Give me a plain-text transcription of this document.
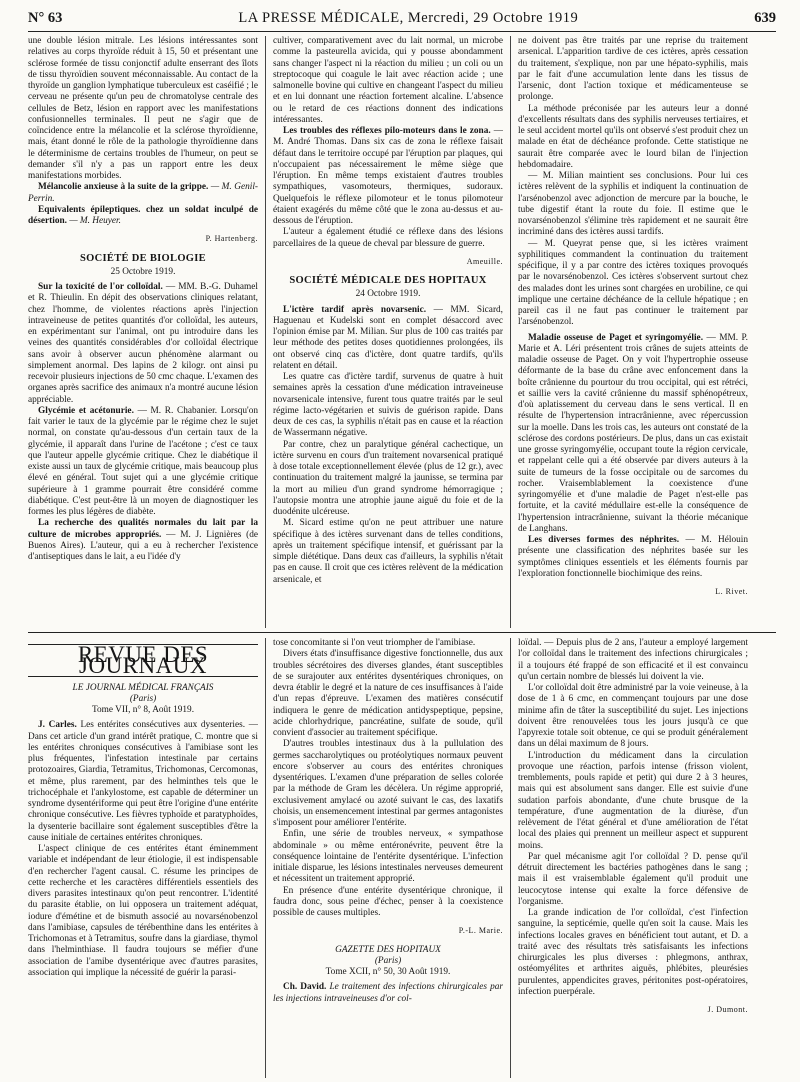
N° 63	LA PRESSE MÉDICALE, Mercredi, 29 Octobre 1919	639

une double lésion mitrale. Les lésions intéressantes sont relatives au corps thyroïde réduit à 15, 50 et présentant une sclérose formée de tissu conjonctif adulte enserrant des îlots de tissu thyroïdien souvent méconnaissable. Au contact de la thyroïde un ganglion lymphatique tuberculeux est caséifié ; le cerveau ne présente qu'un peu de chromatolyse centrale des cellules de Betz, lésion en rapport avec les manifestations confusionnelles terminales. Il peut ne s'agir que de coïncidence entre la mélancolie et la sclérose thyroïdienne, mais, étant donné le rôle de la pathologie thyroïdienne dans le déterminisme de certains troubles de l'humeur, on peut se demander s'il n'y a pas un rapport entre les deux manifestations morbides.

Mélancolie anxieuse à la suite de la grippe. — M. Genil-Perrin.

Equivalents épileptiques. chez un soldat inculpé de désertion. — M. Heuyer.

P. Hartenberg.

SOCIÉTÉ DE BIOLOGIE
25 Octobre 1919.

Sur la toxicité de l'or colloïdal. — MM. B.-G. Duhamel et R. Thieulin. En dépit des observations cliniques relatant, chez l'homme, de violentes réactions après l'injection intraveineuse de petites quantités d'or colloïdal, les auteurs, en expérimentant sur l'animal, ont pu introduire dans les veines des quantités considérables d'or colloïdal électrique sans avoir à observer aucun phénomène alarmant ou simplement anormal. Des lapins de 2 kilogr. ont ainsi pu recevoir plusieurs injections de 50 cmc chaque. L'examen des organes après sacrifice des animaux n'a montré aucune lésion appréciable.

Glycémie et acétonurie. — M. R. Chabanier. Lorsqu'on fait varier le taux de la glycémie par le régime chez le sujet normal, on constate qu'au-dessous d'un certain taux de la glycémie, il apparaît dans l'urine de l'acétone ; c'est ce taux que l'auteur appelle glycémie critique. Chez le diabétique il existe aussi un taux de glycémie critique, mais beaucoup plus élevé en général. Tout sujet qui a une glycémie critique supérieure à 1 gramme pourrait être considéré comme diabétique. C'est peut-être là un moyen de diagnostiquer les formes les plus légères de diabète.

La recherche des qualités normales du lait par la culture de microbes appropriés. — M. J. Lignières (de Buenos Aires). L'auteur, qui a eu à rechercher l'existence d'antiseptiques dans le lait, a eu l'idée d'y

cultiver, comparativement avec du lait normal, un microbe comme la pasteurella avicida, qui y pousse abondamment sans changer l'aspect ni la réaction du milieu ; un coli ou un streptocoque qui coagule le lait avec réaction acide ; une salmonelle bovine qui cultive en changeant l'aspect du milieu et en lui donnant une réaction fortement alcaline. L'absence ou le retard de ces réactions donnent des indications intéressantes.

Les troubles des réflexes pilo-moteurs dans le zona. — M. André Thomas. Dans six cas de zona le réflexe faisait défaut dans le territoire occupé par l'éruption par plaques, qui n'occupaient pas nécessairement le même siège que l'éruption. En même temps existaient d'autres troubles sympathiques, vasomoteurs, thermiques, sudoraux. Quelquefois le réflexe pilomoteur et le tonus pilomoteur étaient exagérés du même côté que le zona au-dessus et au-dessous de l'éruption.

L'auteur a également étudié ce réflexe dans des lésions parcellaires de la queue de cheval par blessure de guerre.

Ameuille.

SOCIÉTÉ MÉDICALE DES HOPITAUX
24 Octobre 1919.

L'ictère tardif après novarsenic. — MM. Sicard, Haguenau et Kudelski sont en complet désaccord avec l'opinion émise par M. Milian. Sur plus de 100 cas traités par leur méthode des petites doses quotidiennes prolongées, ils ont observé cinq cas d'ictère, dont quatre tardifs, qu'ils relatent en détail.

Les quatre cas d'ictère tardif, survenus de quatre à huit semaines après la cessation d'une médication intraveineuse novarsenicale intensive, furent tous quatre traités par le seul régime lacto-végétarien et suivis de guérison rapide. Dans deux de ces cas, la syphilis n'était pas en cause et la réaction de Wassermann négative.

Par contre, chez un paralytique général cachectique, un ictère survenu en cours d'un traitement novarsenical pratiqué à dose totale exceptionnellement élevée (plus de 12 gr.), avec continuation du traitement malgré la jaunisse, se termina par la mort au milieu d'un grand syndrome hémorragique ; l'autopsie montra une atrophie jaune aiguë du foie et de la duodénite ulcéreuse.

M. Sicard estime qu'on ne peut attribuer une nature spécifique à des ictères survenant dans de telles conditions, après un traitement spécifique intensif, et guérissant par la simple diététique. Dans deux cas d'ailleurs, la syphilis n'était pas en cause. Il croit que ces ictères relèvent de la médication arsenicale, et

ne doivent pas être traités par une reprise du traitement arsenical. L'apparition tardive de ces ictères, après cessation du traitement, s'explique, non par une hépato-syphilis, mais par le fait d'une accumulation lente dans les tissus de l'arsenic, dont l'action toxique et médicamenteuse se prolonge.

La méthode préconisée par les auteurs leur a donné d'excellents résultats dans des syphilis nerveuses tertiaires, et le seul accident mortel qu'ils ont observé s'est produit chez un malade en état de déchéance profonde. Cette statistique ne saurait être comparée avec le lourd bilan de l'injection hebdomadaire.

— M. Milian maintient ses conclusions. Pour lui ces ictères relèvent de la syphilis et indiquent la continuation de l'arsénobenzol avec adjonction de mercure par la bouche, le tube digestif étant la route du foie. Il estime que le novarsénobenzol s'élimine très rapidement et ne saurait être incriminé dans des ictères aussi tardifs.

— M. Queyrat pense que, si les ictères vraiment syphilitiques commandent la continuation du traitement spécifique, il y a par contre des ictères toxiques provoqués par le novarsénobenzol. Ces ictères s'observent surtout chez des malades dont les urines sont chargées en urobiline, ce qui implique une certaine déchéance de la cellule hépatique ; en pareil cas il ne faut pas continuer le traitement par l'arsénobenzol.

Maladie osseuse de Paget et syringomyélie. — MM. P. Marie et A. Léri présentent trois crânes de sujets atteints de maladie osseuse de Paget. On y voit l'hypertrophie osseuse déformante de la base du crâne avec enfoncement dans la boîte crânienne du pourtour du trou occipital, qui est rétréci, et saillie vers la cavité crânienne du massif sphénopétreux, d'où aplatissement du cerveau dans le sens vertical. Il en résulte de l'hypertension intracrânienne, avec répercussion sur la moelle. Dans les trois cas, les auteurs ont constaté de la sclérose des cordons postérieurs. De plus, dans un cas existait une grosse syringomyélie, occupant toute la région cervicale, et rappelant celle qui a été observée par divers auteurs à la suite de tumeurs de la fosse occipitale ou de sarcomes du rocher. Vraisemblablement la coexistence d'une syringomyélie et d'une maladie de Paget n'est-elle pas fortuite, et la cavité médullaire est-elle la conséquence de l'hypertension intracrânienne, suivant la théorie mécanique de Langhans.

Les diverses formes des néphrites. — M. Hélouin présente une classification des néphrites basée sur les symptômes cliniques essentiels et les éléments fournis par l'exploration fonctionnelle biochimique des reins.

L. Rivet.

REVUE DES JOURNAUX
LE JOURNAL MÉDICAL FRANÇAIS
(Paris)
Tome VII, n° 8, Août 1919.

J. Carles. Les entérites consécutives aux dysenteries. — Dans cet article d'un grand intérêt pratique, C. montre que si les entérites chroniques consécutives à l'amibiase sont les plus fréquentes, l'infestation intestinale par certains protozoaires, Giardia, Tetramitus, Trichomonas, Cercomonas, et même, plus rarement, par des helminthes tels que le trichocéphale et l'ankylostome, est capable de déterminer un syndrome dysentériforme qui peut être l'origine d'une entérite chronique consécutive. Les fièvres typhoïde et paratyphoïdes, la dysenterie bacillaire sont également susceptibles d'être la cause initiale de certaines entérites chroniques.

L'aspect clinique de ces entérites étant éminemment variable et indépendant de leur étiologie, il est indispensable d'en rechercher l'agent causal. C. résume les principes de cette recherche et les caractères différentiels essentiels des divers parasites intestinaux qu'on peut rencontrer. L'identité du parasite établie, on lui opposera un traitement adéquat, iodure d'émétine et de bismuth associé au novarsénobenzol dans l'amibiase, capsules de térébenthine dans les entérites à Trichomonas et à Tetramitus, soufre dans la giardiase, thymol dans l'helminthiase. Il faudra toujours se méfier d'une association de l'amibe dysentérique avec d'autres parasites, association qui implique la nécessité de guérir la parasi-

tose concomitante si l'on veut triompher de l'amibiase.

Divers états d'insuffisance digestive fonctionnelle, dus aux troubles sécrétoires des diverses glandes, étant susceptibles de se surajouter aux entérites dysentériques chroniques, on devra établir le degré et la nature de ces insuffisances à l'aide d'un repas d'épreuve. L'examen des matières consécutif indiquera le genre de médication antidyspeptique, pepsine, acide chlorhydrique, pancréatine, sulfate de soude, qu'il convient d'associer au traitement spécifique.

D'autres troubles intestinaux dus à la pullulation des germes saccharolytiques ou protéolytiques normaux peuvent encore s'observer au cours des entérites chroniques dysentériques. L'examen d'une préparation de selles colorée par la méthode de Gram les décèlera. Un régime approprié, exclusivement amylacé ou azoté suivant le cas, des laxatifs choisis, un ensemencement intestinal par germes antagonistes s'imposent pour améliorer l'entérite.

Enfin, une série de troubles nerveux, « sympathose abdominale » ou même entéronévrite, peuvent être la conséquence lointaine de l'entérite dysentérique. L'infection initiale disparue, les lésions intestinales nerveuses demeurent et nécessitent un traitement approprié.

En présence d'une entérite dysentérique chronique, il faudra donc, sous peine d'échec, penser à la coexistence possible de causes multiples.

P.-L. Marie.

GAZETTE DES HOPITAUX
(Paris)
Tome XCII, n° 50, 30 Août 1919.

Ch. David. Le traitement des infections chirurgicales par les injections intraveineuses d'or col-

loïdal. — Depuis plus de 2 ans, l'auteur a employé largement l'or colloïdal dans le traitement des infections chirurgicales ; il a toujours été frappé de son efficacité et il est convaincu qu'un certain nombre de blessés lui doivent la vie.

L'or colloïdal doit être administré par la voie veineuse, à la dose de 1 à 6 cmc, en commençant toujours par une dose minime afin de tâter la susceptibilité du sujet. Les injections doivent être renouvelées tous les jours jusqu'à ce que l'apyrexie totale soit obtenue, ce qui se produit généralement dans un délai maximum de 8 jours.

L'introduction du médicament dans la circulation provoque une réaction, parfois intense (frisson violent, tremblements, pouls rapide et petit) qui dure 2 à 3 heures, mais qui est absolument sans danger. Elle est suivie d'une sudation parfois abondante, d'une chute brusque de la température, d'une augmentation de la diurèse, d'un relèvement de l'état général et d'une amélioration de l'état local des plaies qui prennent un meilleur aspect et suppurent moins.

Par quel mécanisme agit l'or colloïdal ? D. pense qu'il détruit directement les bactéries pathogènes dans le sang ; mais il est vraisemblable également qu'il produit une leucocytose intense qui exalte la force défensive de l'organisme.

La grande indication de l'or colloïdal, c'est l'infection sanguine, la septicémie, quelle qu'en soit la cause. Mais les infections locales graves en bénéficient tout autant, et D. a traité avec des résultats très satisfaisants les infections chirurgicales les plus diverses : phlegmons, anthrax, ostéomyélites et arthrites aiguës, phlébites, pleurésies purulentes, appendicites graves, péritonites post-opératoires, infection puerpérale.

J. Dumont.
